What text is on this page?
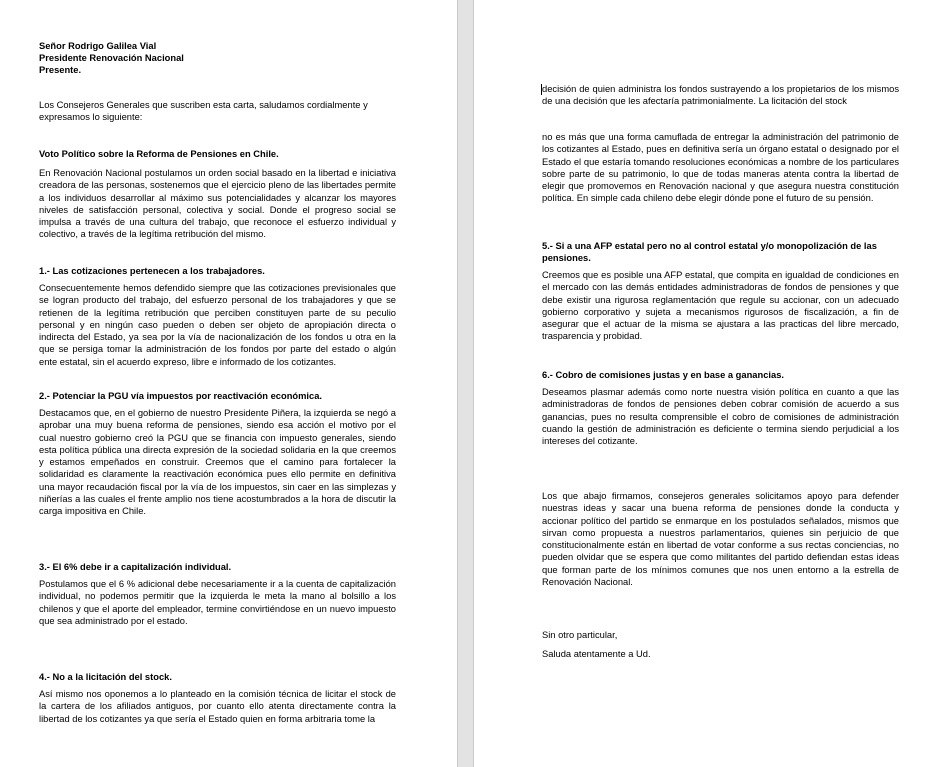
Señor Rodrigo Galilea Vial
Presidente Renovación Nacional
Presente.
Los Consejeros Generales que suscriben esta carta, saludamos cordialmente y expresamos lo siguiente:
Voto Político sobre la Reforma de Pensiones en Chile.
En Renovación Nacional postulamos un orden social basado en la libertad e iniciativa creadora de las personas, sostenemos que el ejercicio pleno de las libertades permite a los individuos desarrollar al máximo sus potencialidades y alcanzar los mayores niveles de satisfacción personal, colectiva y social. Donde el progreso social se impulsa a través de una cultura del trabajo, que reconoce el esfuerzo individual y colectivo, a través de la legítima retribución del mismo.
1.- Las cotizaciones pertenecen a los trabajadores.
Consecuentemente hemos defendido siempre que las cotizaciones previsionales que se logran producto del trabajo, del esfuerzo personal de los trabajadores y que se retienen de la legítima retribución que perciben constituyen parte de su peculio personal y en ningún caso pueden o deben ser objeto de apropiación directa o indirecta del Estado, ya sea por la vía de nacionalización de los fondos u otra en la que se persiga tomar la administración de los fondos por parte del estado o algún ente estatal, sin el acuerdo expreso, libre e informado de los cotizantes.
2.- Potenciar la PGU vía impuestos por reactivación económica.
Destacamos que, en el gobierno de nuestro Presidente Piñera, la izquierda se negó a aprobar una muy buena reforma de pensiones, siendo esa acción el motivo por el cual nuestro gobierno creó la PGU que se financia con impuesto generales, siendo esta política pública una directa expresión de la sociedad solidaria en la que creemos y estamos empeñados en construir. Creemos que el camino para fortalecer la solidaridad es claramente la reactivación económica pues ello permite en definitiva una mayor recaudación fiscal por la vía de los impuestos, sin caer en las simplezas y niñerías a las cuales el frente amplio nos tiene acostumbrados a la hora de discutir la carga impositiva en Chile.
3.- El 6% debe ir a capitalización individual.
Postulamos que el 6 % adicional debe necesariamente ir a la cuenta de capitalización individual, no podemos permitir que la izquierda le meta la mano al bolsillo a los chilenos y que el aporte del empleador, termine convirtiéndose en un nuevo impuesto que sea administrado por el estado.
4.- No a la licitación del stock.
Así mismo nos oponemos a lo planteado en la comisión técnica de licitar el stock de la cartera de los afiliados antiguos, por cuanto ello atenta directamente contra la libertad de los cotizantes ya que sería el Estado quien en forma arbitraria tome la
decisión de quien administra los fondos sustrayendo a los propietarios de los mismos de una decisión que les afectaría patrimonialmente. La licitación del stock
no es más que una forma camuflada de entregar la administración del patrimonio de los cotizantes al Estado, pues en definitiva sería un órgano estatal o designado por el Estado el que estaría tomando resoluciones económicas a nombre de los particulares sobre parte de su patrimonio, lo que de todas maneras atenta contra la libertad de elegir que promovemos en Renovación nacional y que asegura nuestra constitución política. En simple cada chileno debe elegir dónde pone el futuro de su pensión.
5.- Si a una AFP estatal pero no al control estatal y/o monopolización de las pensiones.
Creemos que es posible una AFP estatal, que compita en igualdad de condiciones en el mercado con las demás entidades administradoras de fondos de pensiones y que debe existir una rigurosa reglamentación que regule su accionar, con un adecuado gobierno corporativo y sujeta a mecanismos rigurosos de fiscalización, a fin de asegurar que el actuar de la misma se ajustara a las practicas del libre mercado, trasparencia y probidad.
6.- Cobro de comisiones justas y en base a ganancias.
Deseamos plasmar además como norte nuestra visión política en cuanto a que las administradoras de fondos de pensiones deben cobrar comisión de acuerdo a sus ganancias, pues no resulta comprensible el cobro de comisiones de administración cuando la gestión de administración es deficiente o termina siendo perjudicial a los intereses del cotizante.
Los que abajo firmamos, consejeros generales solicitamos apoyo para defender nuestras ideas y sacar una buena reforma de pensiones donde la conducta y accionar político del partido se enmarque en los postulados señalados, mismos que sirvan como propuesta a nuestros parlamentarios, quienes sin perjuicio de que constitucionalmente están en libertad de votar conforme a sus rectas conciencias, no pueden olvidar que se espera que como militantes del partido defiendan estas ideas que forman parte de los mínimos comunes que nos unen entorno a la estrella de Renovación Nacional.
Sin otro particular,
Saluda atentamente a Ud.
